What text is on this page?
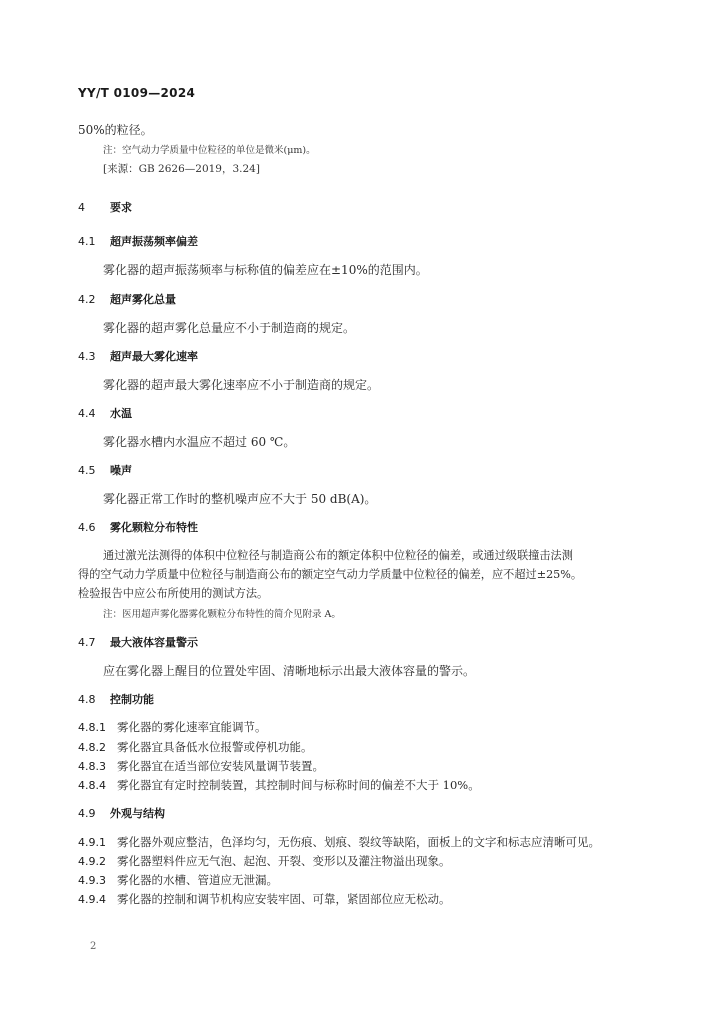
YY/T 0109—2024
50%的粒径。
注：空气动力学质量中位粒径的单位是微米(μm)。
[来源：GB 2626—2019，3.24]
4 要求
4.1 超声振荡频率偏差
雾化器的超声振荡频率与标称值的偏差应在±10%的范围内。
4.2 超声雾化总量
雾化器的超声雾化总量应不小于制造商的规定。
4.3 超声最大雾化速率
雾化器的超声最大雾化速率应不小于制造商的规定。
4.4 水温
雾化器水槽内水温应不超过 60 ℃。
4.5 噪声
雾化器正常工作时的整机噪声应不大于 50 dB(A)。
4.6 雾化颗粒分布特性
通过激光法测得的体积中位粒径与制造商公布的额定体积中位粒径的偏差，或通过级联撞击法测
得的空气动力学质量中位粒径与制造商公布的额定空气动力学质量中位粒径的偏差，应不超过±25%。
检验报告中应公布所使用的测试方法。
注：医用超声雾化器雾化颗粒分布特性的简介见附录 A。
4.7 最大液体容量警示
应在雾化器上醒目的位置处牢固、清晰地标示出最大液体容量的警示。
4.8 控制功能
4.8.1 雾化器的雾化速率宜能调节。
4.8.2 雾化器宜具备低水位报警或停机功能。
4.8.3 雾化器宜在适当部位安装风量调节装置。
4.8.4 雾化器宜有定时控制装置，其控制时间与标称时间的偏差不大于 10%。
4.9 外观与结构
4.9.1 雾化器外观应整洁，色泽均匀，无伤痕、划痕、裂纹等缺陷，面板上的文字和标志应清晰可见。
4.9.2 雾化器塑料件应无气泡、起泡、开裂、变形以及灌注物溢出现象。
4.9.3 雾化器的水槽、管道应无泄漏。
4.9.4 雾化器的控制和调节机构应安装牢固、可靠，紧固部位应无松动。
2
